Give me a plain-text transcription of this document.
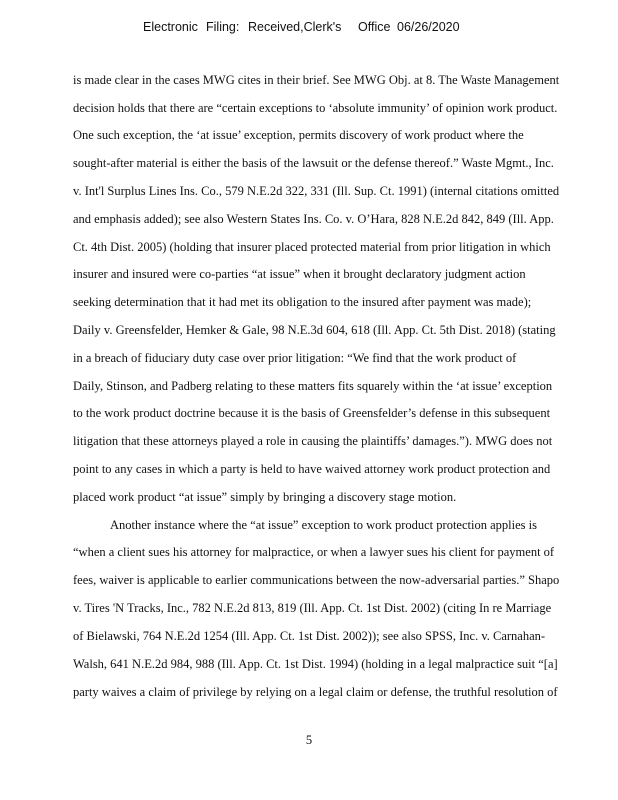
Electronic Filing: Received,Clerk's Office 06/26/2020
is made clear in the cases MWG cites in their brief. See MWG Obj. at 8. The Waste Management
decision holds that there are “certain exceptions to ‘absolute immunity’ of opinion work product.
One such exception, the ‘at issue’ exception, permits discovery of work product where the
sought-after material is either the basis of the lawsuit or the defense thereof.” Waste Mgmt., Inc.
v. Int'l Surplus Lines Ins. Co., 579 N.E.2d 322, 331 (Ill. Sup. Ct. 1991) (internal citations omitted
and emphasis added); see also Western States Ins. Co. v. O’Hara, 828 N.E.2d 842, 849 (Ill. App.
Ct. 4th Dist. 2005) (holding that insurer placed protected material from prior litigation in which
insurer and insured were co-parties “at issue” when it brought declaratory judgment action
seeking determination that it had met its obligation to the insured after payment was made);
Daily v. Greensfelder, Hemker & Gale, 98 N.E.3d 604, 618 (Ill. App. Ct. 5th Dist. 2018) (stating
in a breach of fiduciary duty case over prior litigation: “We find that the work product of
Daily, Stinson, and Padberg relating to these matters fits squarely within the ‘at issue’ exception
to the work product doctrine because it is the basis of Greensfelder’s defense in this subsequent
litigation that these attorneys played a role in causing the plaintiffs’ damages.”). MWG does not
point to any cases in which a party is held to have waived attorney work product protection and
placed work product “at issue” simply by bringing a discovery stage motion.
Another instance where the “at issue” exception to work product protection applies is
“when a client sues his attorney for malpractice, or when a lawyer sues his client for payment of
fees, waiver is applicable to earlier communications between the now-adversarial parties.” Shapo
v. Tires 'N Tracks, Inc., 782 N.E.2d 813, 819 (Ill. App. Ct. 1st Dist. 2002) (citing In re Marriage
of Bielawski, 764 N.E.2d 1254 (Ill. App. Ct. 1st Dist. 2002)); see also SPSS, Inc. v. Carnahan-
Walsh, 641 N.E.2d 984, 988 (Ill. App. Ct. 1st Dist. 1994) (holding in a legal malpractice suit “[a]
party waives a claim of privilege by relying on a legal claim or defense, the truthful resolution of
5
